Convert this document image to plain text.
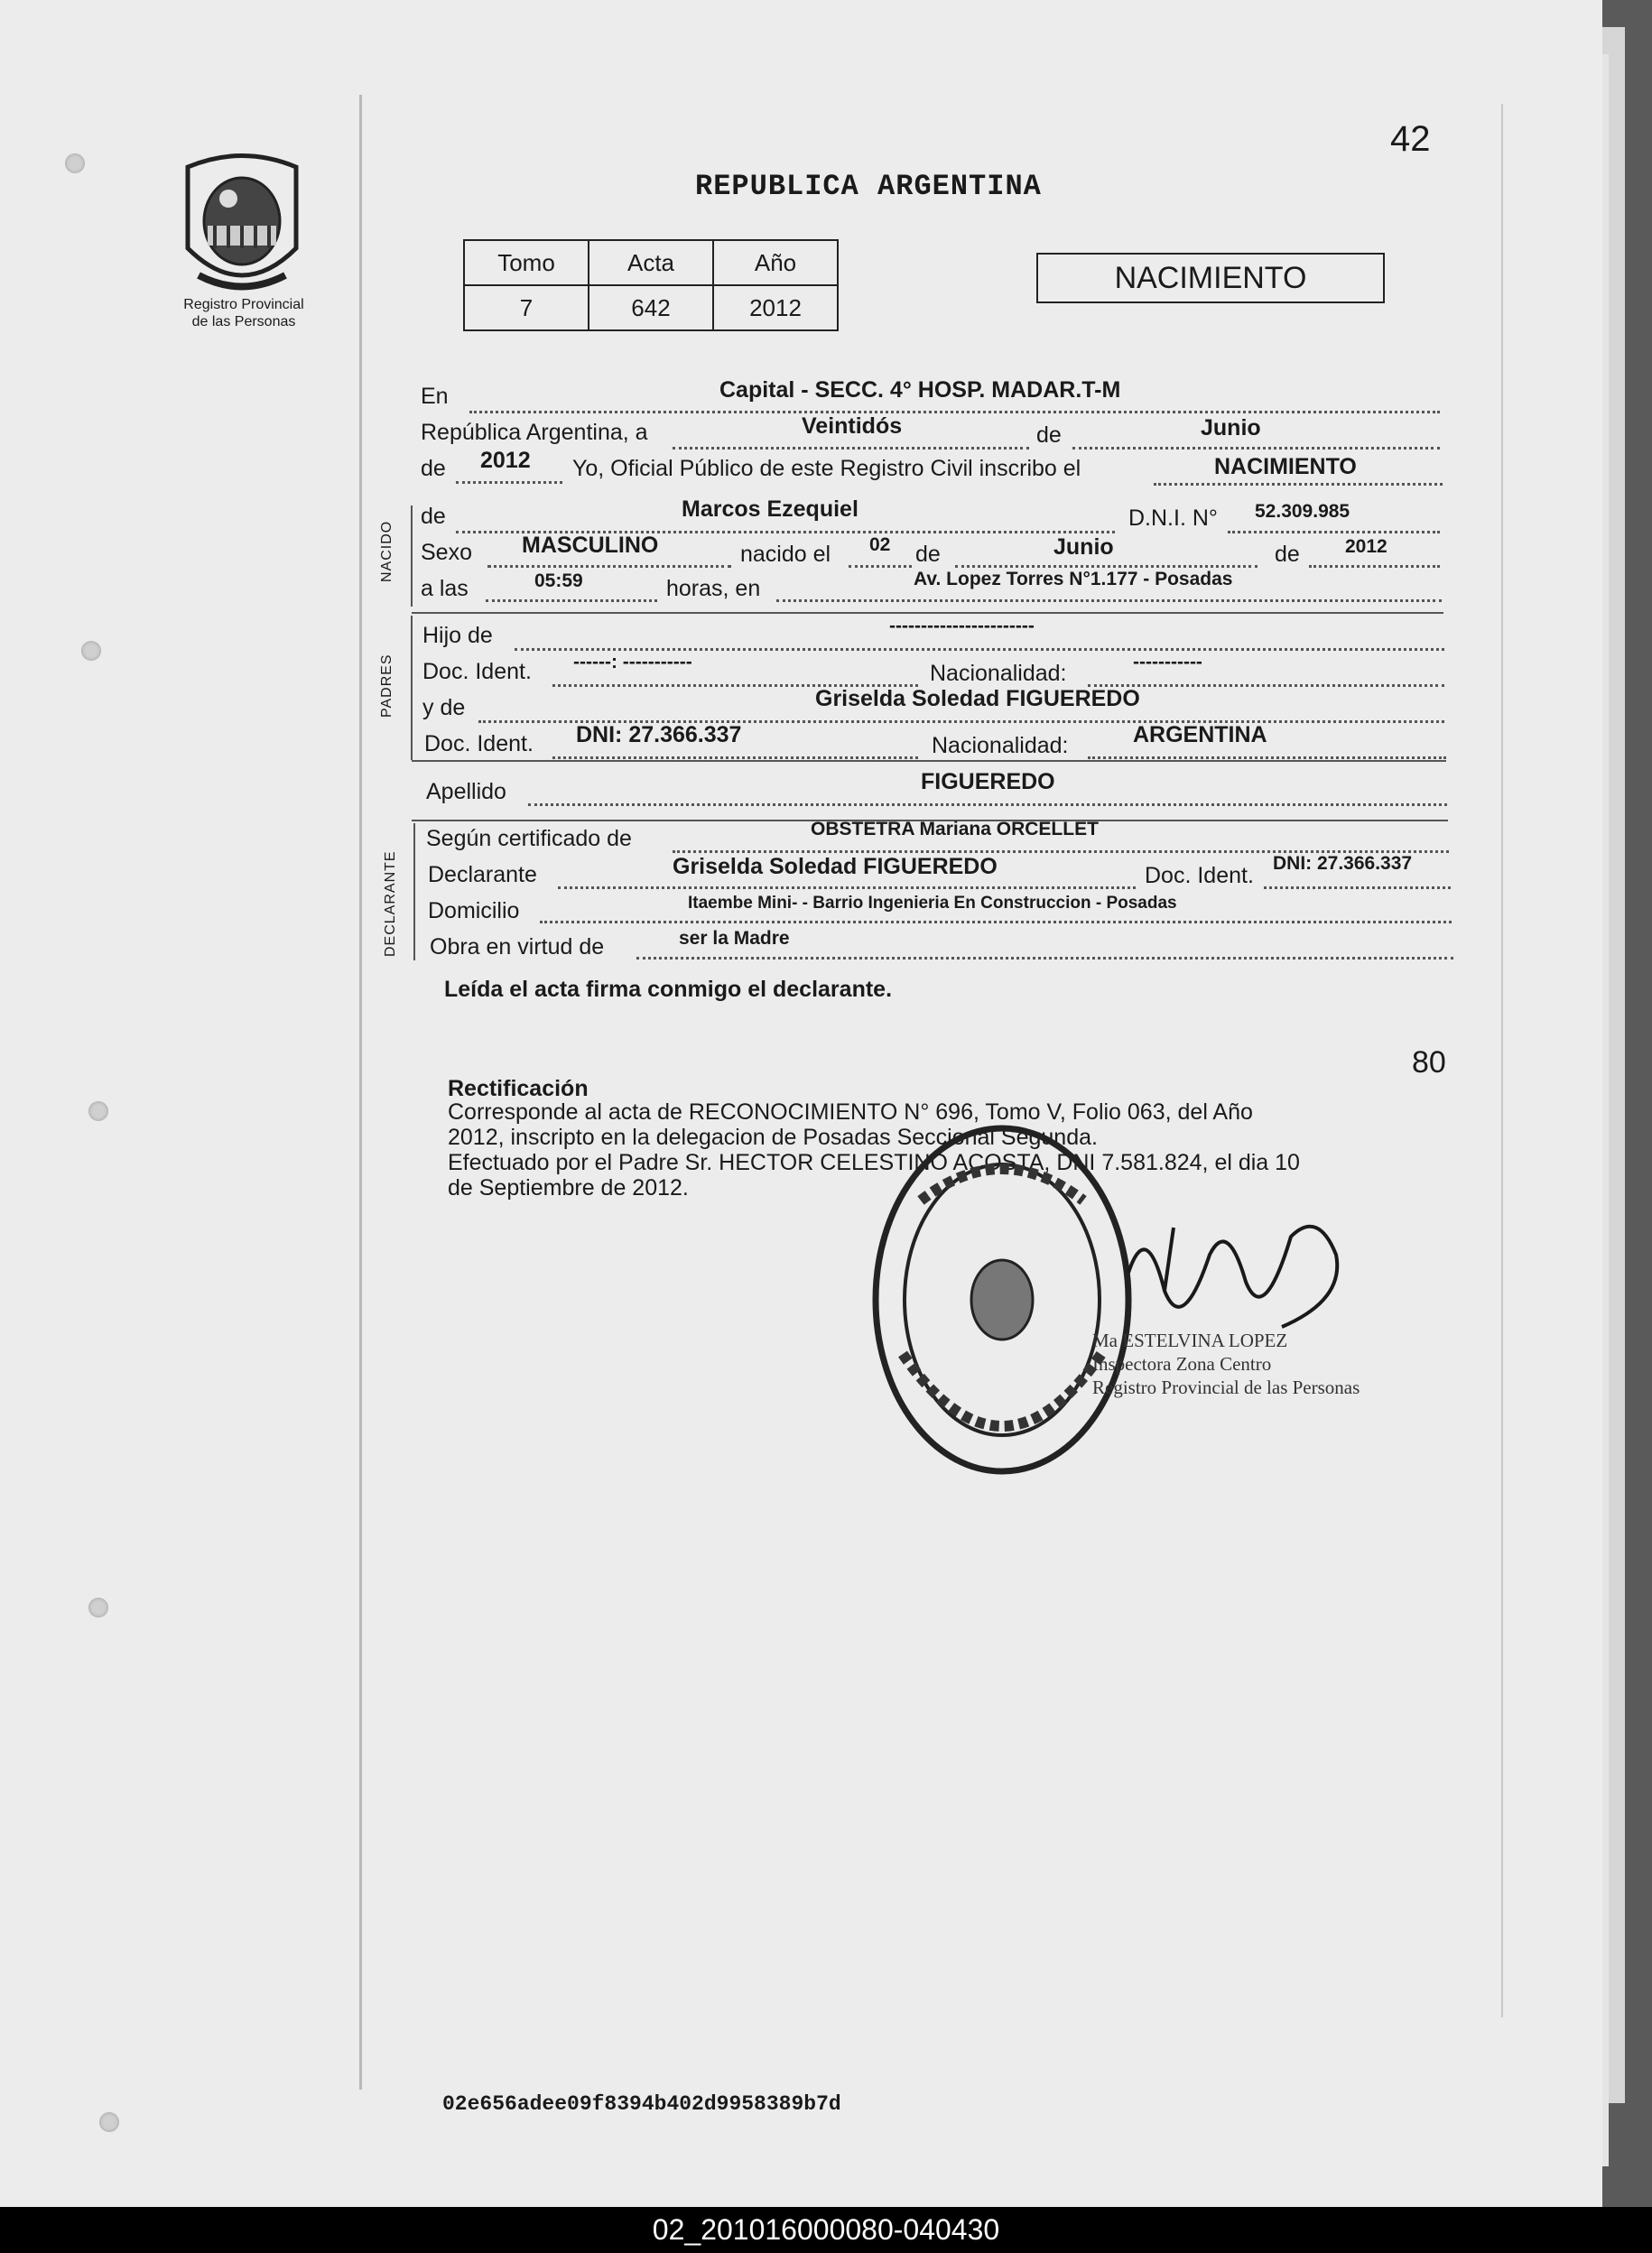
42
Registro Provincial
de las Personas
REPUBLICA ARGENTINA
Tomo	Acta	Año
7	642	2012
NACIMIENTO
En	Capital - SECC. 4° HOSP. MADAR.T-M
República Argentina, a	Veintidós	de	Junio
de 2012 Yo, Oficial Público de este Registro Civil inscribo el	NACIMIENTO
NACIDO
de	Marcos Ezequiel	D.N.I. N° 52.309.985
Sexo MASCULINO	nacido el 02 de	Junio	de 2012
a las	05:59	horas, en	Av. Lopez Torres N°1.177 - Posadas
PADRES
Hijo de	-----------------------
Doc. Ident. ------: -----------	Nacionalidad:	-----------
y de	Griselda Soledad FIGUEREDO
Doc. Ident. DNI: 27.366.337	Nacionalidad:	ARGENTINA
Apellido	FIGUEREDO
DECLARANTE
Según certificado de	OBSTETRA Mariana ORCELLET
Declarante	Griselda Soledad FIGUEREDO	Doc. Ident. DNI: 27.366.337
Domicilio	Itaembe Mini- - Barrio Ingenieria En Construccion - Posadas
Obra en virtud de	ser la Madre
Leída el acta firma conmigo el declarante.
80
Rectificación

Corresponde al acta de RECONOCIMIENTO N° 696, Tomo V, Folio 063, del Año

2012, inscripto en la delegacion de Posadas Seccional Segunda.

Efectuado por el Padre Sr. HECTOR CELESTINO ACOSTA, DNI 7.581.824, el dia 10

de Septiembre de 2012.

Ma ESTELVINA LOPEZ
Inspectora Zona Centro
Registro Provincial de las Personas
02e656adee09f8394b402d9958389b7d
02_201016000080-040430
